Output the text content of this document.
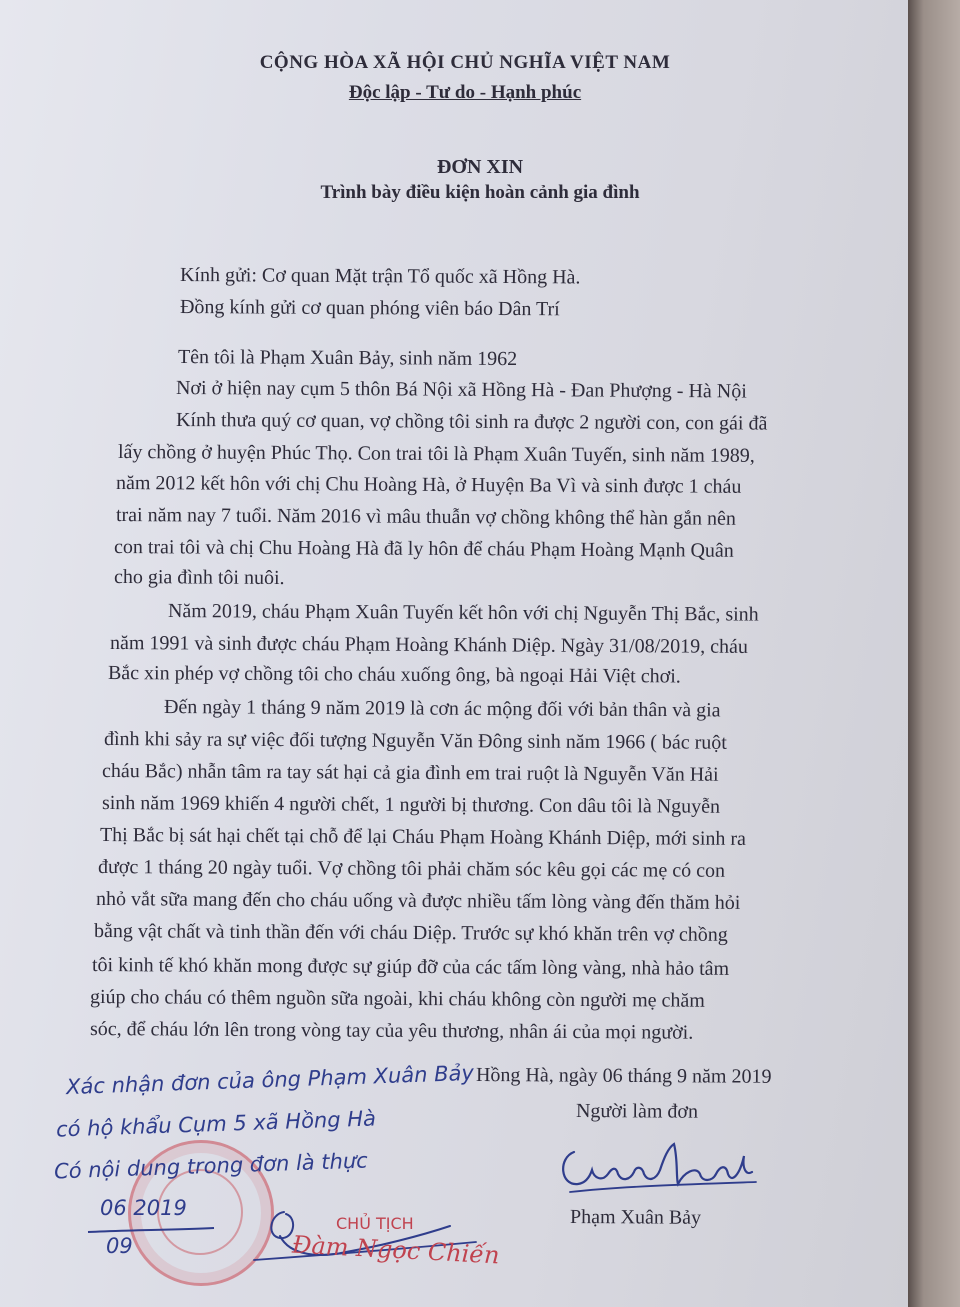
CỘNG HÒA XÃ HỘI CHỦ NGHĨA VIỆT NAM
Độc lập - Tư do - Hạnh phúc
ĐƠN XIN
Trình bày điều kiện hoàn cảnh gia đình
Kính gửi: Cơ quan Mặt trận Tổ quốc xã Hồng Hà.
Đồng kính gửi cơ quan phóng viên báo Dân Trí
Tên tôi là Phạm Xuân Bảy, sinh năm 1962
Nơi ở hiện nay cụm 5 thôn Bá Nội xã Hồng Hà - Đan Phượng - Hà Nội
Kính thưa quý cơ quan, vợ chồng tôi sinh ra được 2 người con, con gái đã
lấy chồng ở huyện Phúc Thọ. Con trai tôi là Phạm Xuân Tuyến, sinh năm 1989,
năm 2012 kết hôn với chị Chu Hoàng Hà, ở Huyện Ba Vì và sinh được 1 cháu
trai năm nay 7 tuổi. Năm 2016 vì mâu thuẫn vợ chồng không thể hàn gắn nên
con trai tôi và chị Chu Hoàng Hà đã ly hôn để cháu Phạm Hoàng Mạnh Quân
cho gia đình tôi nuôi.
Năm 2019, cháu Phạm Xuân Tuyến kết hôn với chị Nguyễn Thị Bắc, sinh
năm 1991 và sinh được cháu Phạm Hoàng Khánh Diệp. Ngày 31/08/2019, cháu
Bắc xin phép vợ chồng tôi cho cháu xuống ông, bà ngoại Hải Việt chơi.
Đến ngày 1 tháng 9 năm 2019 là cơn ác mộng đối với bản thân và gia
đình khi sảy ra sự việc đối tượng Nguyễn Văn Đông sinh năm 1966 ( bác ruột
cháu Bắc) nhẫn tâm ra tay sát hại cả gia đình em trai ruột là Nguyễn Văn Hải
sinh năm 1969 khiến 4 người chết, 1 người bị thương. Con dâu tôi là Nguyễn
Thị Bắc bị sát hại chết tại chỗ để lại Cháu Phạm Hoàng Khánh Diệp, mới sinh ra
được 1 tháng 20 ngày tuổi. Vợ chồng tôi phải chăm sóc kêu gọi các mẹ có con
nhỏ vắt sữa mang đến cho cháu uống và được nhiều tấm lòng vàng đến thăm hỏi
bằng vật chất và tinh thần đến với cháu Diệp. Trước sự khó khăn trên vợ chồng
tôi kinh tế khó khăn mong được sự giúp đỡ của các tấm lòng vàng, nhà hảo tâm
giúp cho cháu có thêm nguồn sữa ngoài, khi cháu không còn người mẹ chăm
sóc, để cháu lớn lên trong vòng tay của yêu thương, nhân ái của mọi người.
Hồng Hà, ngày 06 tháng 9 năm 2019
Người làm đơn
Phạm Xuân Bảy
Xác nhận đơn của ông Phạm Xuân Bảy
có hộ khẩu Cụm 5 xã Hồng Hà
Có nội dung trong đơn là thực
06 2019
09
CHỦ TỊCH
Đàm Ngọc Chiến
